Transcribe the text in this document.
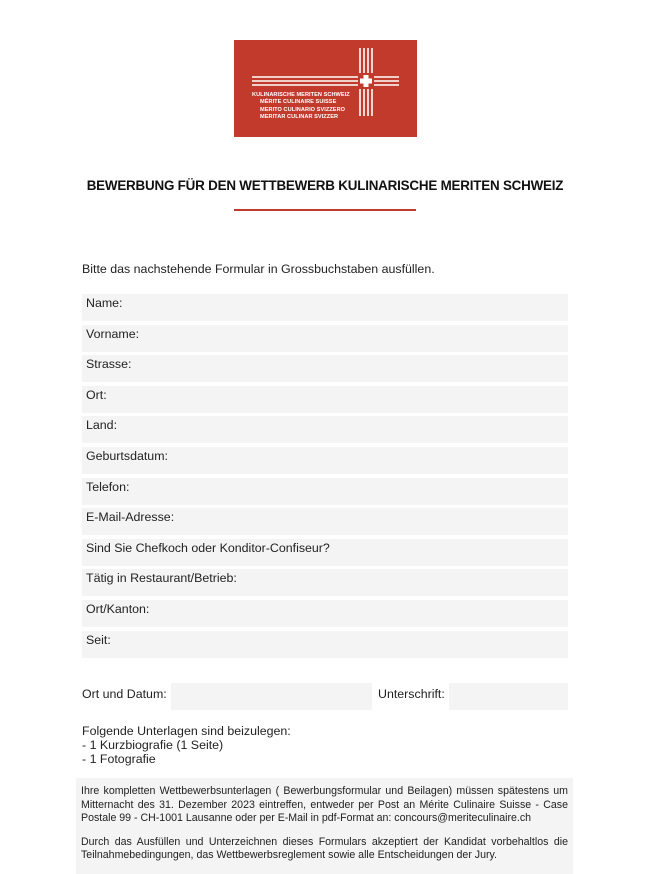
KULINARISCHE MERITEN SCHWEIZ
MÉRITE CULINAIRE SUISSE
MERITO CULINARIO SVIZZERO
MERITAR CULINAR SVIZZER
BEWERBUNG FÜR DEN WETTBEWERB KULINARISCHE MERITEN SCHWEIZ
Bitte das nachstehende Formular in Grossbuchstaben ausfüllen.
Name:
Vorname:
Strasse:
Ort:
Land:
Geburtsdatum:
Telefon:
E-Mail-Adresse:
Sind Sie Chefkoch oder Konditor-Confiseur?
Tätig in Restaurant/Betrieb:
Ort/Kanton:
Seit:
Ort und Datum:	Unterschrift:
Folgende Unterlagen sind beizulegen:
- 1 Kurzbiografie (1 Seite)
- 1 Fotografie

Ihre kompletten Wettbewerbsunterlagen ( Bewerbungsformular und Beilagen) müssen spätestens um Mitternacht des 31. Dezember 2023 eintreffen, entweder per Post an Mérite Culinaire Suisse - Case Postale 99 - CH-1001 Lausanne oder per E-Mail in pdf-Format an: concours@meriteculinaire.ch

Durch das Ausfüllen und Unterzeichnen dieses Formulars akzeptiert der Kandidat vorbehaltlos die Teilnahmebedingungen, das Wettbewerbsreglement sowie alle Entscheidungen der Jury.
